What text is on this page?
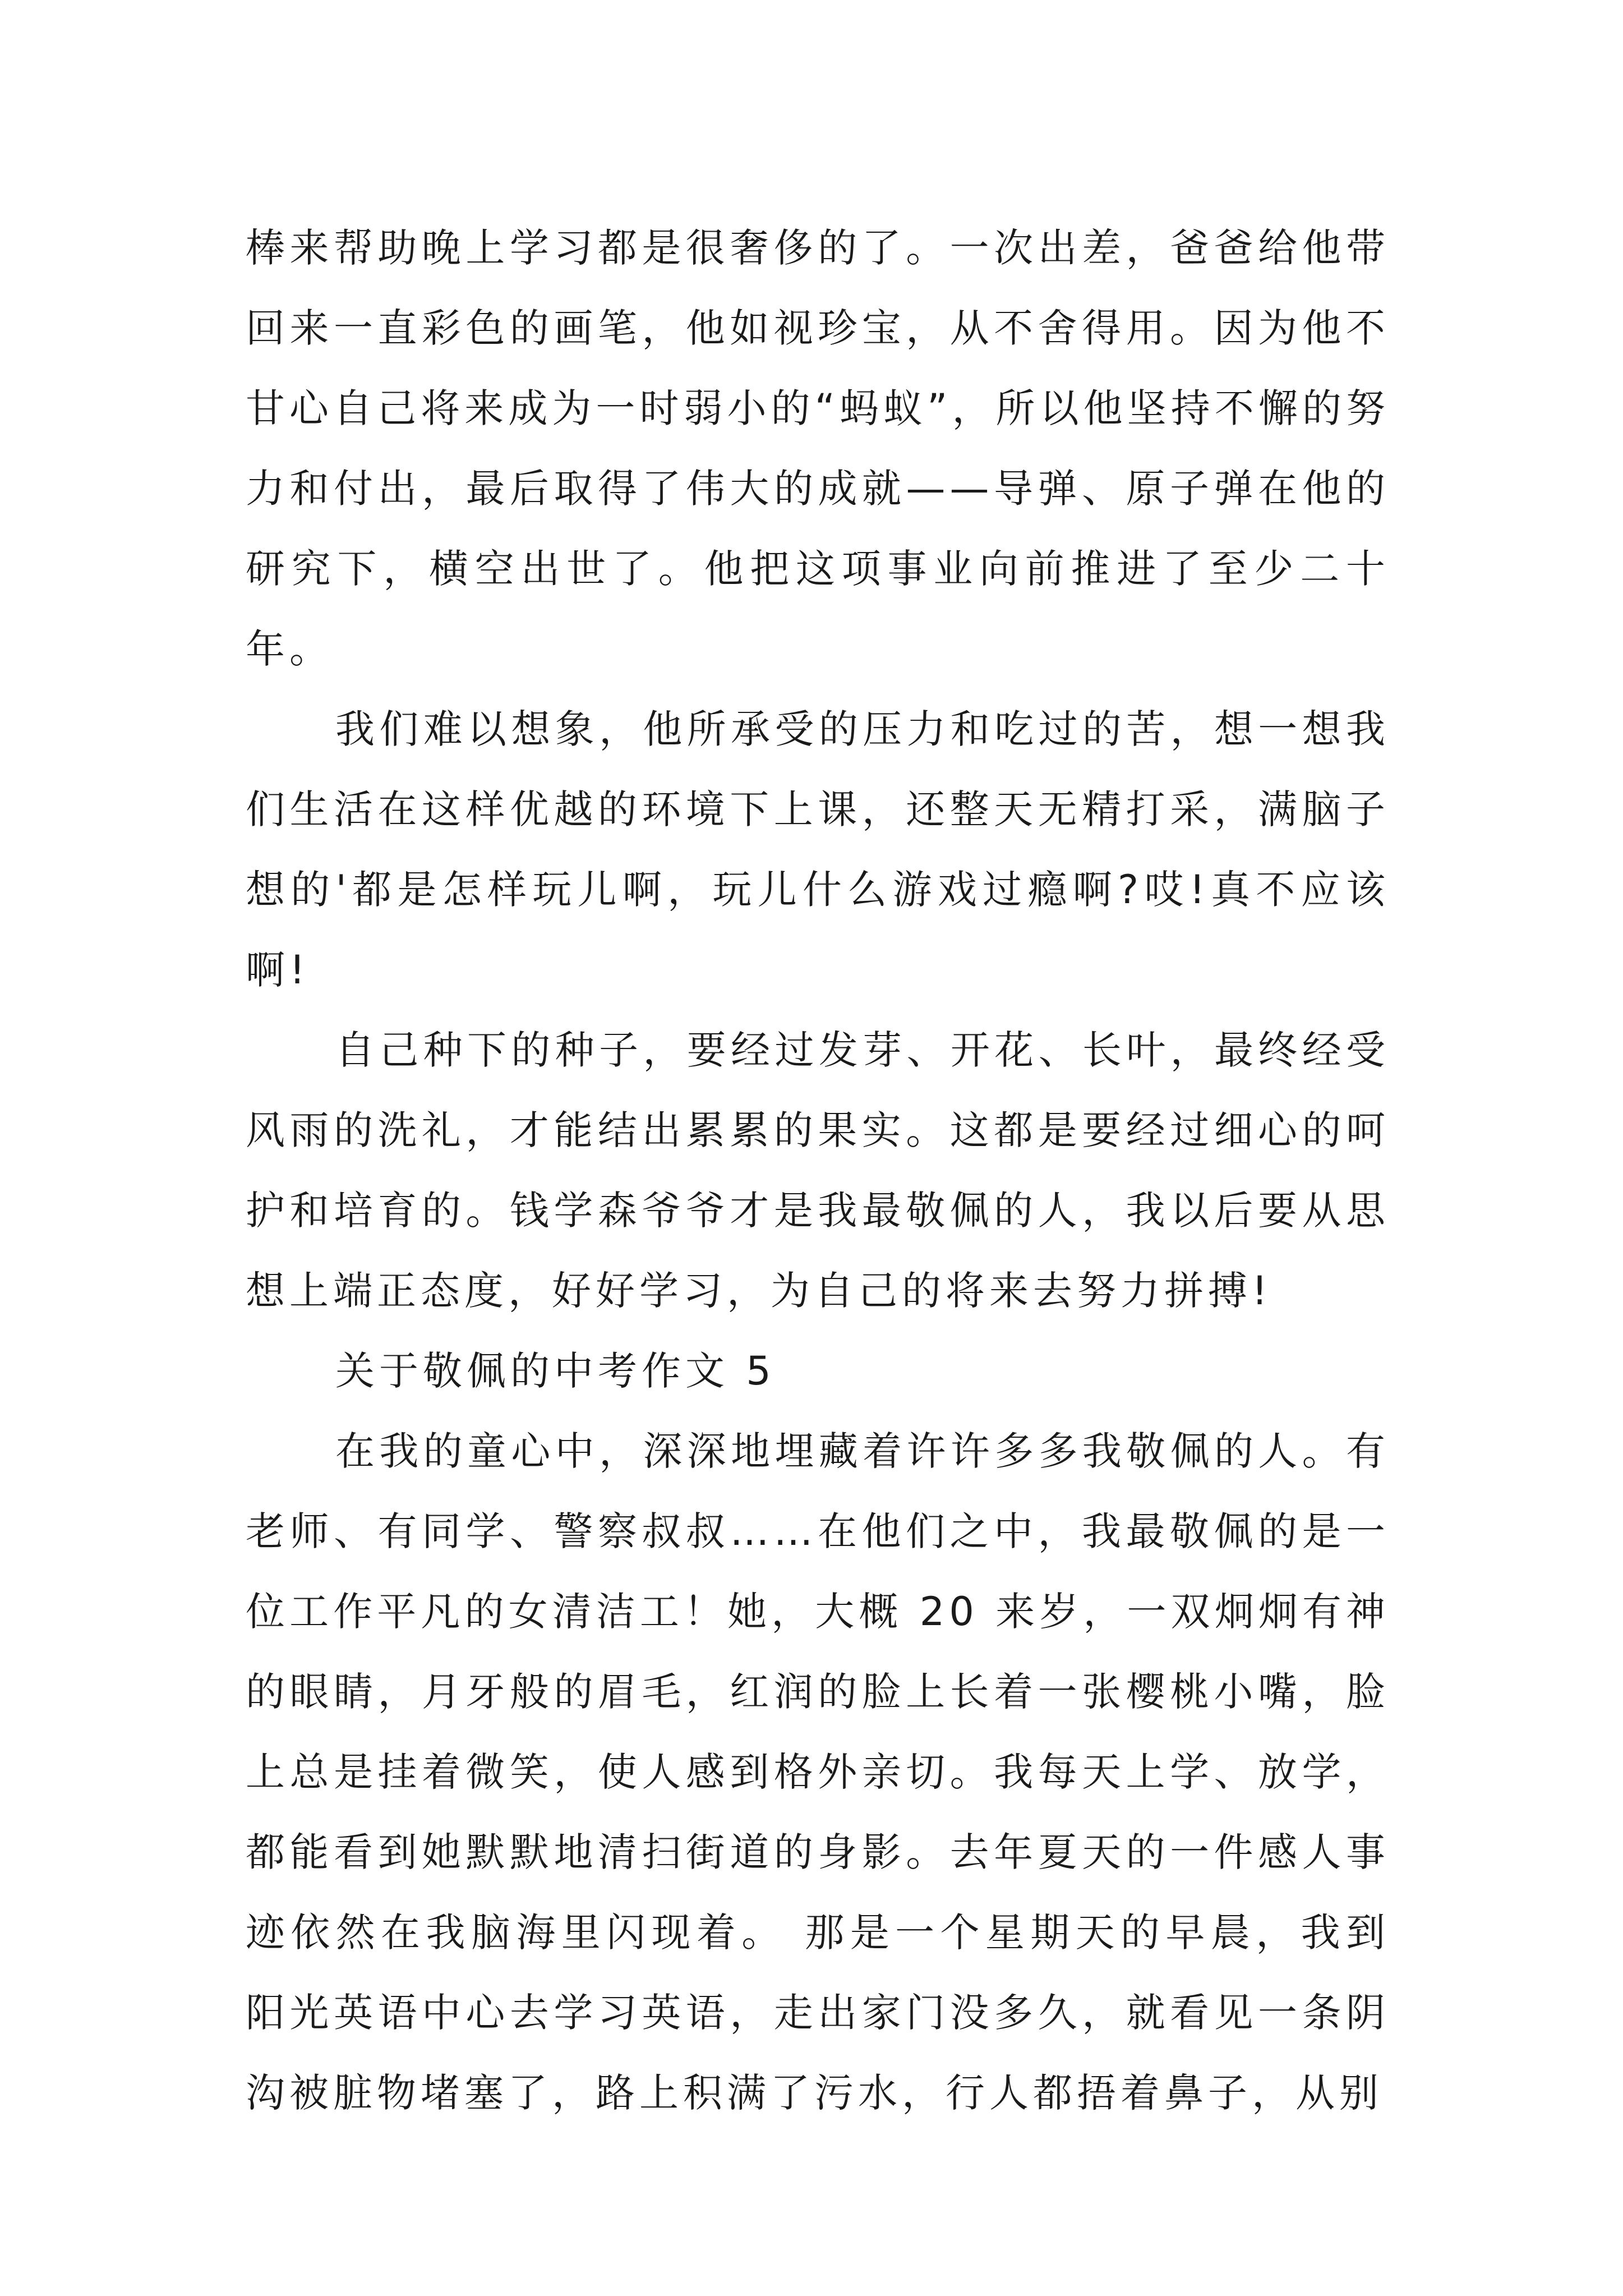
棒来帮助晚上学习都是很奢侈的了。一次出差，爸爸给他带回来一直彩色的画笔，他如视珍宝，从不舍得用。因为他不甘心自己将来成为一时弱小的“蚂蚁”，所以他坚持不懈的努力和付出，最后取得了伟大的成就——导弹、原子弹在他的研究下，横空出世了。他把这项事业向前推进了至少二十年。

我们难以想象，他所承受的压力和吃过的苦，想一想我们生活在这样优越的环境下上课，还整天无精打采，满脑子想的'都是怎样玩儿啊，玩儿什么游戏过瘾啊?哎!真不应该啊!

自己种下的种子，要经过发芽、开花、长叶，最终经受风雨的洗礼，才能结出累累的果实。这都是要经过细心的呵护和培育的。钱学森爷爷才是我最敬佩的人，我以后要从思想上端正态度，好好学习，为自己的将来去努力拼搏!

关于敬佩的中考作文 5

在我的童心中，深深地埋藏着许许多多我敬佩的人。有老师、有同学、警察叔叔……在他们之中，我最敬佩的是一位工作平凡的女清洁工！她，大概 20 来岁，一双炯炯有神的眼睛，月牙般的眉毛，红润的脸上长着一张樱桃小嘴，脸上总是挂着微笑，使人感到格外亲切。我每天上学、放学，都能看到她默默地清扫街道的身影。去年夏天的一件感人事迹依然在我脑海里闪现着。 那是一个星期天的早晨，我到阳光英语中心去学习英语，走出家门没多久，就看见一条阴沟被脏物堵塞了，路上积满了污水，行人都捂着鼻子，从别
